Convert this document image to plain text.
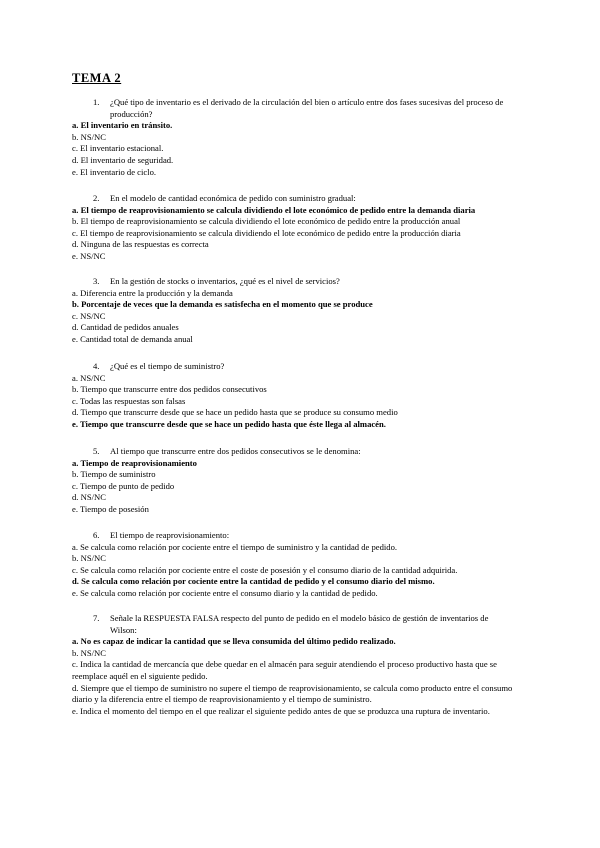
TEMA 2
1. ¿Qué tipo de inventario es el derivado de la circulación del bien o artículo entre dos fases sucesivas del proceso de
producción?
a. El inventario en tránsito.
b. NS/NC
c. El inventario estacional.
d. El inventario de seguridad.
e. El inventario de ciclo.
2. En el modelo de cantidad económica de pedido con suministro gradual:
a. El tiempo de reaprovisionamiento se calcula dividiendo el lote económico de pedido entre la demanda diaria
b. El tiempo de reaprovisionamiento se calcula dividiendo el lote económico de pedido entre la producción anual
c. El tiempo de reaprovisionamiento se calcula dividiendo el lote económico de pedido entre la producción diaria
d. Ninguna de las respuestas es correcta
e. NS/NC
3. En la gestión de stocks o inventarios, ¿qué es el nivel de servicios?
a. Diferencia entre la producción y la demanda
b. Porcentaje de veces que la demanda es satisfecha en el momento que se produce
c. NS/NC
d. Cantidad de pedidos anuales
e. Cantidad total de demanda anual
4. ¿Qué es el tiempo de suministro?
a. NS/NC
b. Tiempo que transcurre entre dos pedidos consecutivos
c. Todas las respuestas son falsas
d. Tiempo que transcurre desde que se hace un pedido hasta que se produce su consumo medio
e. Tiempo que transcurre desde que se hace un pedido hasta que éste llega al almacén.
5. Al tiempo que transcurre entre dos pedidos consecutivos se le denomina:
a. Tiempo de reaprovisionamiento
b. Tiempo de suministro
c. Tiempo de punto de pedido
d. NS/NC
e. Tiempo de posesión
6. El tiempo de reaprovisionamiento:
a. Se calcula como relación por cociente entre el tiempo de suministro y la cantidad de pedido.
b. NS/NC
c. Se calcula como relación por cociente entre el coste de posesión y el consumo diario de la cantidad adquirida.
d. Se calcula como relación por cociente entre la cantidad de pedido y el consumo diario del mismo.
e. Se calcula como relación por cociente entre el consumo diario y la cantidad de pedido.
7. Señale la RESPUESTA FALSA respecto del punto de pedido en el modelo básico de gestión de inventarios de
Wilson:
a. No es capaz de indicar la cantidad que se lleva consumida del último pedido realizado.
b. NS/NC
c. Indica la cantidad de mercancía que debe quedar en el almacén para seguir atendiendo el proceso productivo hasta que se reemplace aquél en el siguiente pedido.
d. Siempre que el tiempo de suministro no supere el tiempo de reaprovisionamiento, se calcula como producto entre el consumo diario y la diferencia entre el tiempo de reaprovisionamiento y el tiempo de suministro.
e. Indica el momento del tiempo en el que realizar el siguiente pedido antes de que se produzca una ruptura de inventario.
